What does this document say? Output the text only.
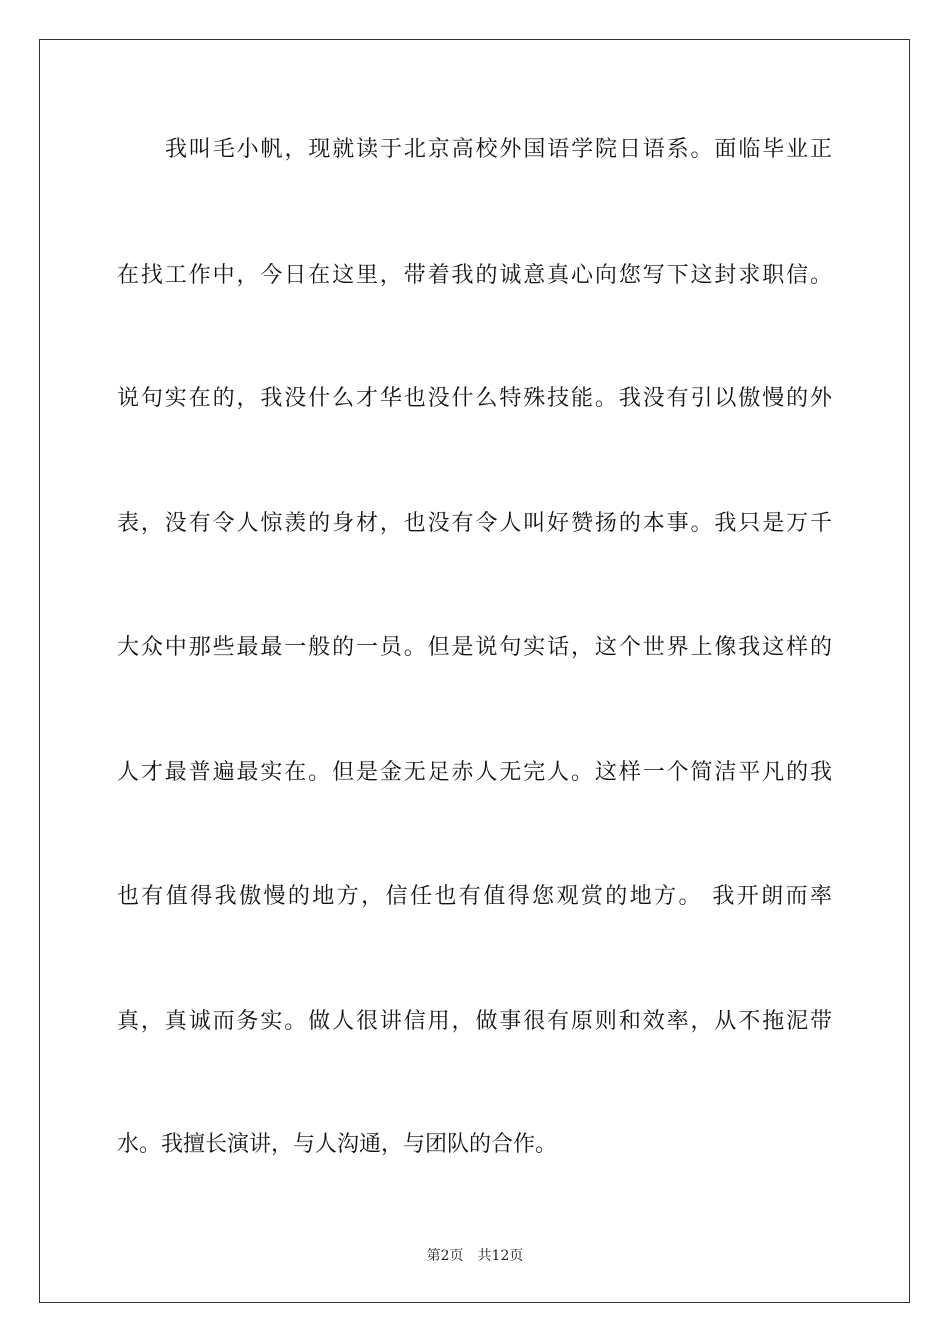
我叫毛小帆，现就读于北京高校外国语学院日语系。面临毕业正
在找工作中，今日在这里，带着我的诚意真心向您写下这封求职信。
说句实在的，我没什么才华也没什么特殊技能。我没有引以傲慢的外
表，没有令人惊羡的身材，也没有令人叫好赞扬的本事。我只是万千
大众中那些最最一般的一员。但是说句实话，这个世界上像我这样的
人才最普遍最实在。但是金无足赤人无完人。这样一个简洁平凡的我
也有值得我傲慢的地方，信任也有值得您观赏的地方。 我开朗而率
真，真诚而务实。做人很讲信用，做事很有原则和效率，从不拖泥带
水。我擅长演讲，与人沟通，与团队的合作。
第2页 共12页
